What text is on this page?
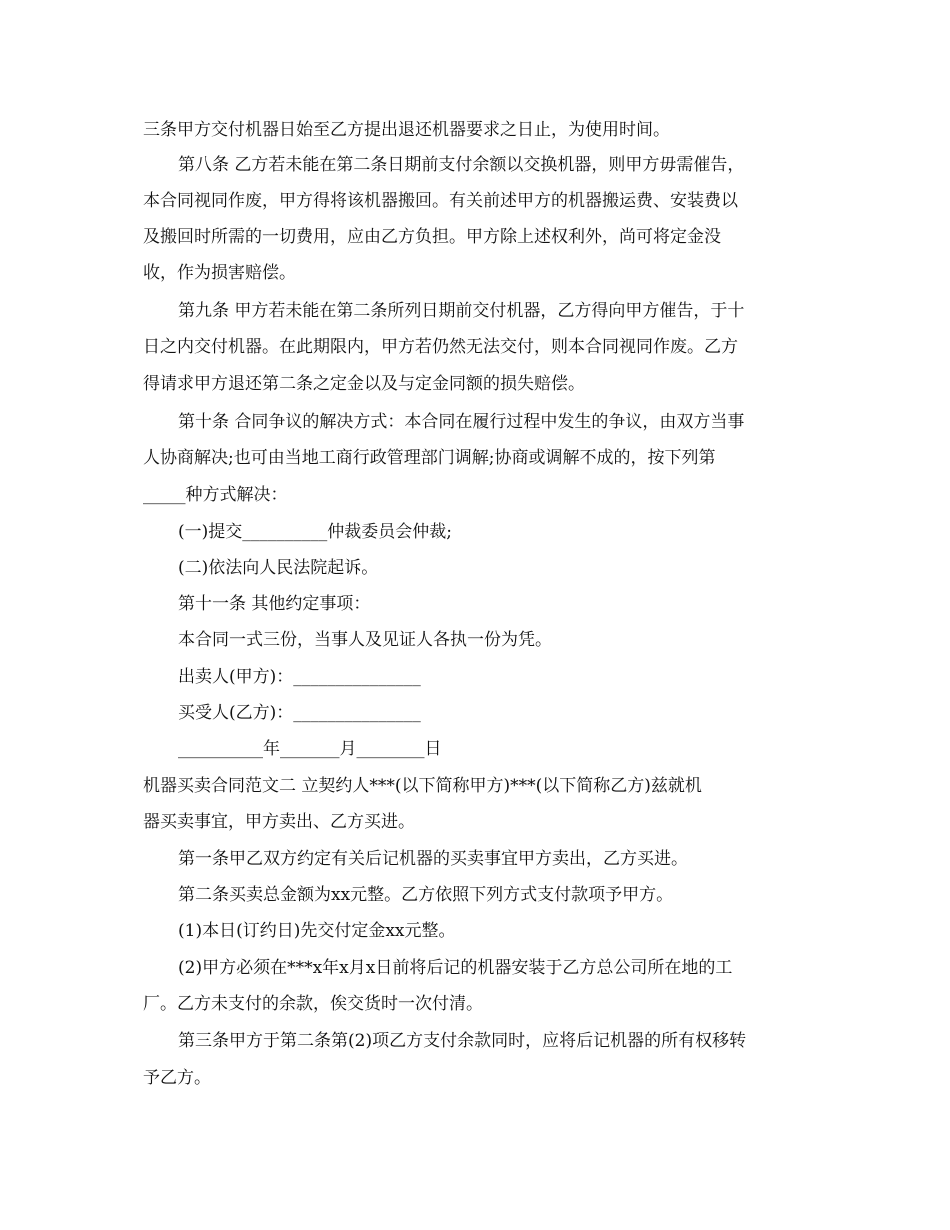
三条甲方交付机器日始至乙方提出退还机器要求之日止，为使用时间。
第八条 乙方若未能在第二条日期前支付余额以交换机器，则甲方毋需催告，
本合同视同作废，甲方得将该机器搬回。有关前述甲方的机器搬运费、安装费以
及搬回时所需的一切费用，应由乙方负担。甲方除上述权利外，尚可将定金没
收，作为损害赔偿。
第九条 甲方若未能在第二条所列日期前交付机器，乙方得向甲方催告，于十
日之内交付机器。在此期限内，甲方若仍然无法交付，则本合同视同作废。乙方
得请求甲方退还第二条之定金以及与定金同额的损失赔偿。
第十条 合同争议的解决方式：本合同在履行过程中发生的争议，由双方当事
人协商解决;也可由当地工商行政管理部门调解;协商或调解不成的，按下列第
_____种方式解决：
(一)提交__________仲裁委员会仲裁;
(二)依法向人民法院起诉。
第十一条 其他约定事项：
本合同一式三份，当事人及见证人各执一份为凭。
出卖人(甲方)：_______________
买受人(乙方)：_______________
__________年_______月________日
机器买卖合同范文二 立契约人***(以下简称甲方)***(以下简称乙方)兹就机
器买卖事宜，甲方卖出、乙方买进。
第一条甲乙双方约定有关后记机器的买卖事宜甲方卖出，乙方买进。
第二条买卖总金额为xx元整。乙方依照下列方式支付款项予甲方。
(1)本日(订约日)先交付定金xx元整。
(2)甲方必须在***x年x月x日前将后记的机器安装于乙方总公司所在地的工
厂。乙方未支付的余款，俟交货时一次付清。
第三条甲方于第二条第(2)项乙方支付余款同时，应将后记机器的所有权移转
予乙方。
